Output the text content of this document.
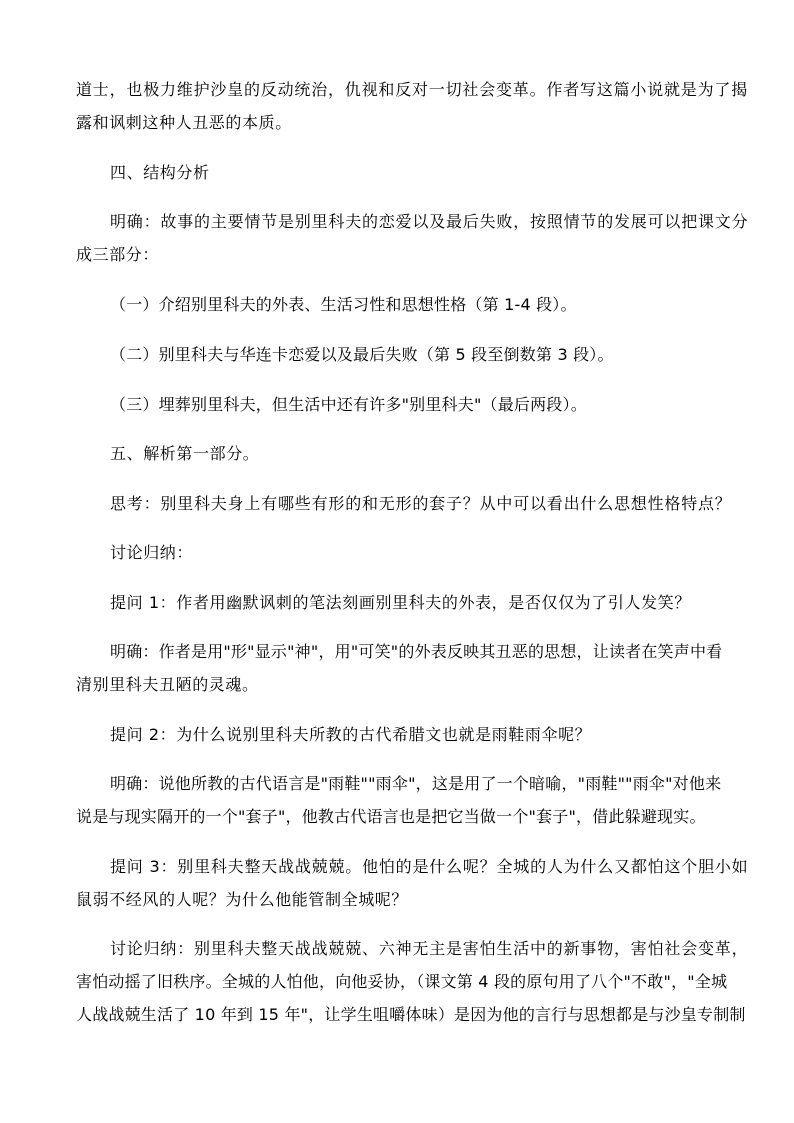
道士，也极力维护沙皇的反动统治，仇视和反对一切社会变革。作者写这篇小说就是为了揭
露和讽刺这种人丑恶的本质。
四、结构分析
明确：故事的主要情节是别里科夫的恋爱以及最后失败，按照情节的发展可以把课文分
成三部分：
（一）介绍别里科夫的外表、生活习性和思想性格（第 1-4 段）。
（二）别里科夫与华连卡恋爱以及最后失败（第 5 段至倒数第 3 段）。
（三）埋葬别里科夫，但生活中还有许多"别里科夫"（最后两段）。
五、解析第一部分。
思考：别里科夫身上有哪些有形的和无形的套子？从中可以看出什么思想性格特点？
讨论归纳：
提问 1：作者用幽默讽刺的笔法刻画别里科夫的外表，是否仅仅为了引人发笑？
明确：作者是用"形"显示"神"，用"可笑"的外表反映其丑恶的思想，让读者在笑声中看
清别里科夫丑陋的灵魂。
提问 2：为什么说别里科夫所教的古代希腊文也就是雨鞋雨伞呢？
明确：说他所教的古代语言是"雨鞋""雨伞"，这是用了一个暗喻，"雨鞋""雨伞"对他来
说是与现实隔开的一个"套子"，他教古代语言也是把它当做一个"套子"，借此躲避现实。
提问 3：别里科夫整天战战兢兢。他怕的是什么呢？全城的人为什么又都怕这个胆小如
鼠弱不经风的人呢？为什么他能管制全城呢？
讨论归纳：别里科夫整天战战兢兢、六神无主是害怕生活中的新事物，害怕社会变革，
害怕动摇了旧秩序。全城的人怕他，向他妥协，（课文第 4 段的原句用了八个"不敢"，"全城
人战战兢生活了 10 年到 15 年"，让学生咀嚼体味）是因为他的言行与思想都是与沙皇专制制
